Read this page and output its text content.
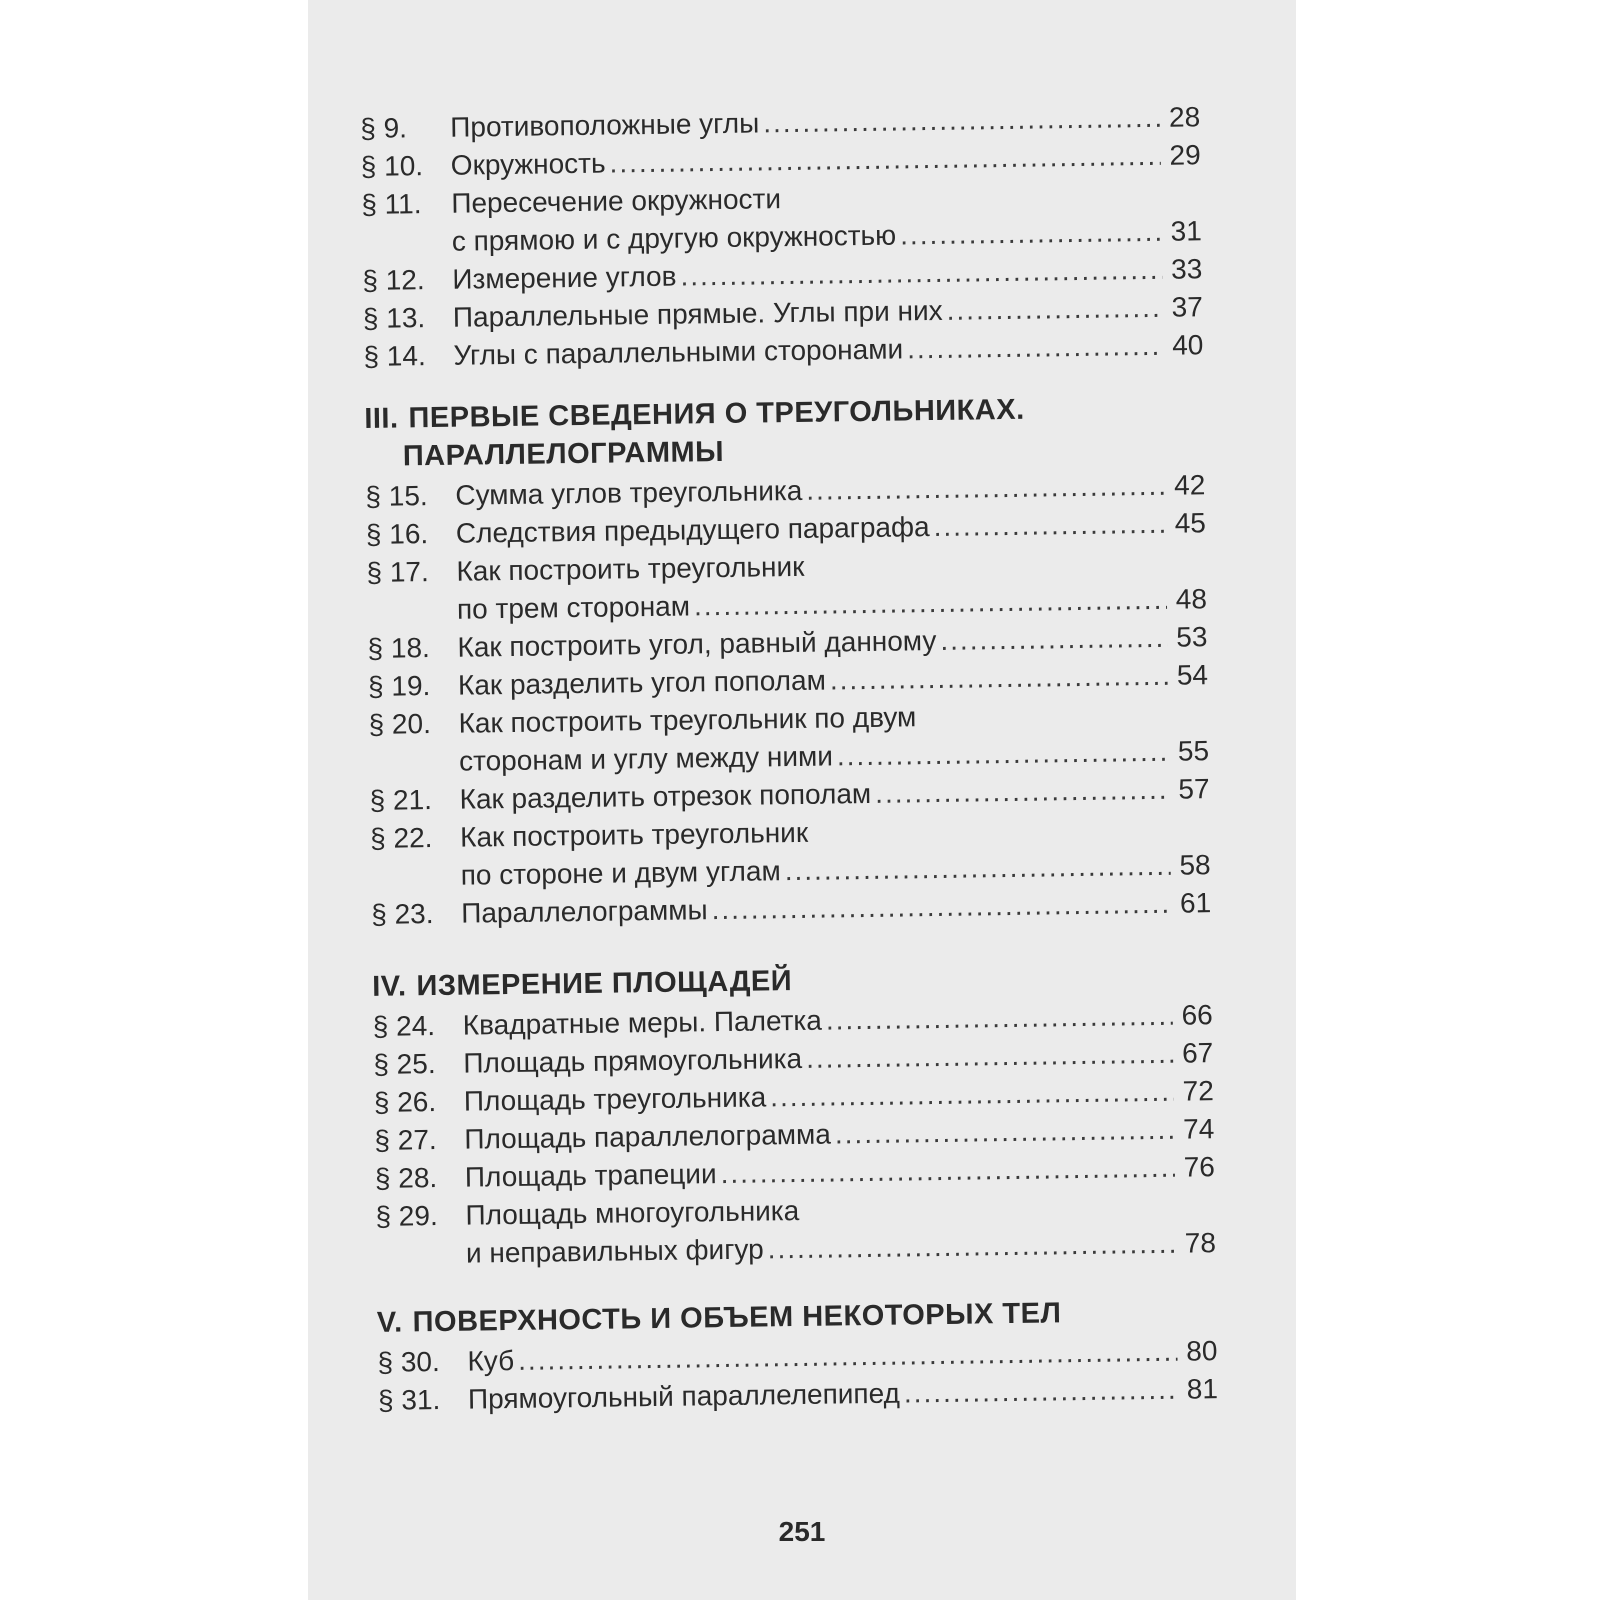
§ 9.	Противоположные углы .....	28
§ 10. Окружность .....	29
§ 11.	Пересечение окружности
с прямою и с другую окружностью .....	31
§ 12. Измерение углов .....	33
§ 13. Параллельные прямые. Углы при них .....	37
§ 14. Углы с параллельными сторонами .....	40
III. ПЕРВЫЕ СВЕДЕНИЯ О ТРЕУГОЛЬНИКАХ.
ПАРАЛЛЕЛОГРАММЫ
§ 15. Сумма углов треугольника .....	42
§ 16. Следствия предыдущего параграфа .....	45
§ 17. Как построить треугольник
по трем сторонам .....	48
§ 18. Как построить угол, равный данному .....	53
§ 19. Как разделить угол пополам .....	54
§ 20. Как построить треугольник по двум
сторонам и углу между ними .....	55
§ 21. Как разделить отрезок пополам .....	57
§ 22. Как построить треугольник
по стороне и двум углам .....	58
§ 23. Параллелограммы .....	61
IV. ИЗМЕРЕНИЕ ПЛОЩАДЕЙ
§ 24. Квадратные меры. Палетка .....	66
§ 25. Площадь прямоугольника .....	67
§ 26. Площадь треугольника .....	72
§ 27. Площадь параллелограмма .....	74
§ 28. Площадь трапеции .....	76
§ 29. Площадь многоугольника
и неправильных фигур .....	78
V. ПОВЕРХНОСТЬ И ОБЪЕМ НЕКОТОРЫХ ТЕЛ
§ 30. Куб .....	80
§ 31. Прямоугольный параллелепипед .....	81
251
